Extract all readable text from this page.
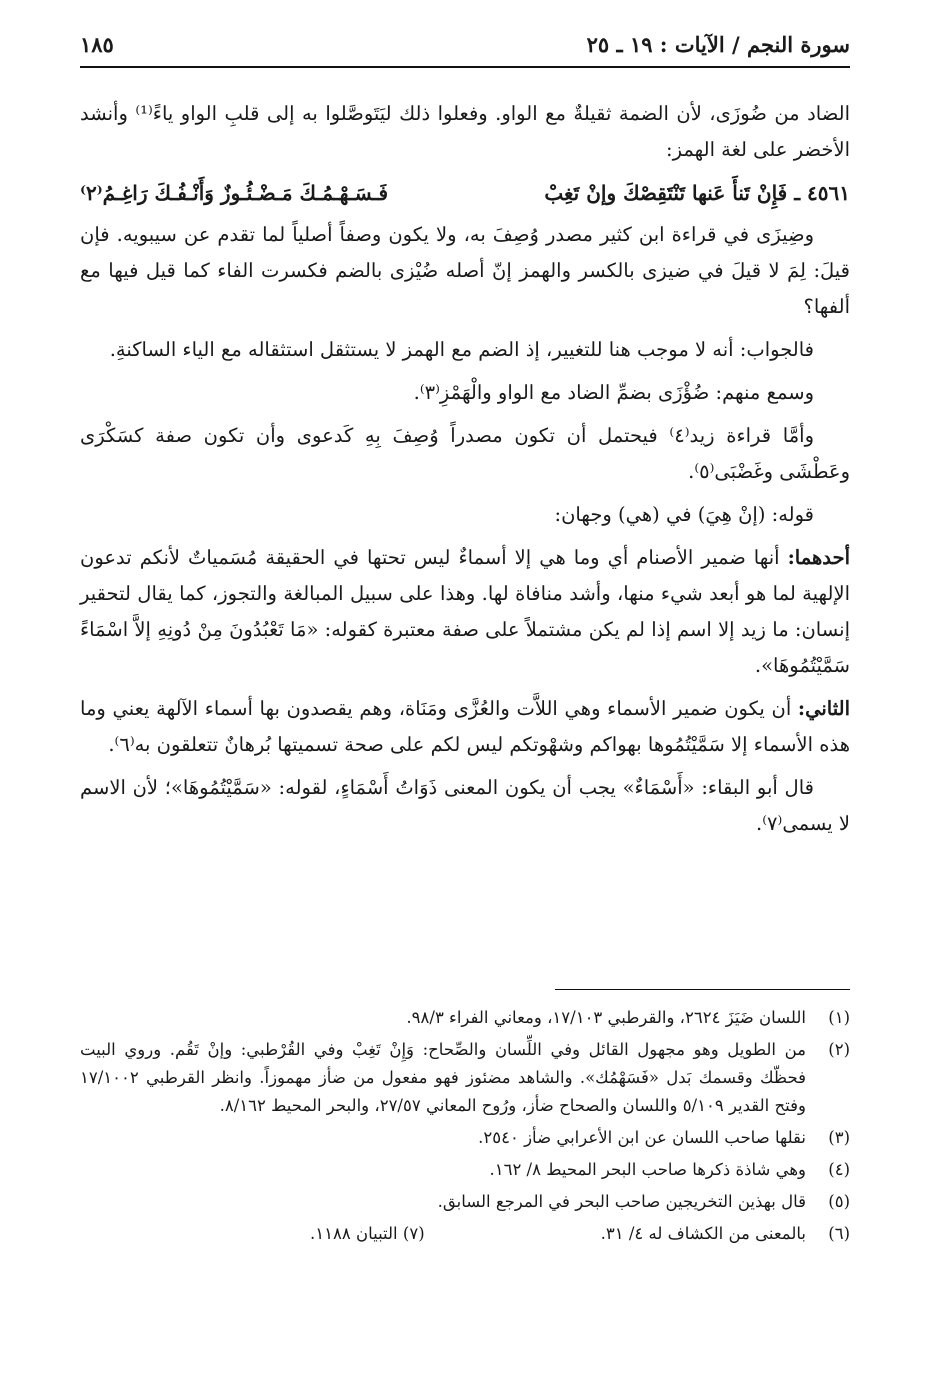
سورة النجم / الآيات : ١٩ ـ ٢٥
١٨٥

الضاد من ضُوزَى، لأن الضمة ثقيلةٌ مع الواو. وفعلوا ذلك ليَتَوصَّلوا به إلى قلبِ الواو ياءً⁽¹⁾ وأنشد الأخضر على لغة الهمز:

٤٥٦١ ـ فَإِنْ تَنأَ عَنها تَنْتَقِصْكَ وإنْ تَغِبْ
فَـسَـهْـمُـكَ مَـضْـئُـوزٌ وَأَنْـفُـكَ رَاغِـمُ⁽٢⁾

وضِيزَى في قراءة ابن كثير مصدر وُصِفَ به، ولا يكون وصفاً أصلياً لما تقدم عن سيبويه. فإن قيلَ: لِمَ لا قيلَ في ضيزى بالكسر والهمز إنّ أصله ضُيْزى بالضم فكسرت الفاء كما قيل فيها مع ألفها؟

فالجواب: أنه لا موجب هنا للتغيير، إذ الضم مع الهمز لا يستثقل استثقاله مع الياء الساكنةِ.

وسمع منهم: ضُؤْزَى بضمِّ الضاد مع الواو والْهَمْزِ⁽٣⁾.

وأمَّا قراءة زيد⁽٤⁾ فيحتمل أن تكون مصدراً وُصِفَ بِهِ كَدعوى وأن تكون صفة كسَكْرَى وعَطْشَى وغَضْبَى⁽٥⁾.

قوله: (إنْ هِيَ) في (هي) وجهان:

أحدهما: أنها ضمير الأصنام أي وما هي إلا أسماءٌ ليس تحتها في الحقيقة مُسَمياتٌ لأنكم تدعون الإلهية لما هو أبعد شيء منها، وأشد منافاة لها. وهذا على سبيل المبالغة والتجوز، كما يقال لتحقير إنسان: ما زيد إلا اسم إذا لم يكن مشتملاً على صفة معتبرة كقوله: «مَا تَعْبُدُونَ مِنْ دُونِهِ إلاَّ اسْمَاءً سَمَّيْتُمُوهَا».

الثاني: أن يكون ضمير الأسماء وهي اللاَّت والعُزَّى ومَنَاة، وهم يقصدون بها أسماء الآلهة يعني وما هذه الأسماء إلا سَمَّيْتُمُوها بهواكم وشهْوتكم ليس لكم على صحة تسميتها بُرهانٌ تتعلقون به⁽٦⁾.

قال أبو البقاء: «أَسْمَاءٌ» يجب أن يكون المعنى ذَوَاتُ أَسْمَاءٍ، لقوله: «سَمَّيْتُمُوهَا»؛ لأن الاسم لا يسمى⁽٧⁾.

(١)
اللسان ضَيَزَ ٢٦٢٤، والقرطبي ١٧/١٠٣، ومعاني الفراء ٩٨/٣.
(٢)
من الطويل وهو مجهول القائل وفي اللِّسان والصِّحاح: وَإِنْ تَغِبْ وفي القُرْطبي: وإنْ تَقُم. وروي البيت فحظّك وقسمك بَدل «فَسَهْمُك». والشاهد مضئوز فهو مفعول من ضأز مهموزاً. وانظر القرطبي ١٧/١٠٠٢ وفتح القدير ٥/١٠٩ واللسان والصحاح ضأز، ورُوح المعاني ٢٧/٥٧، والبحر المحيط ٨/١٦٢.
(٣)
نقلها صاحب اللسان عن ابن الأعرابي ضأز ٢٥٤٠.
(٤)
وهي شاذة ذكرها صاحب البحر المحيط ٨/ ١٦٢.
(٥)
قال بهذين التخريجين صاحب البحر في المرجع السابق.
(٦)
بالمعنى من الكشاف له ٤/ ٣١.
(٧) التبيان ١١٨٨.
